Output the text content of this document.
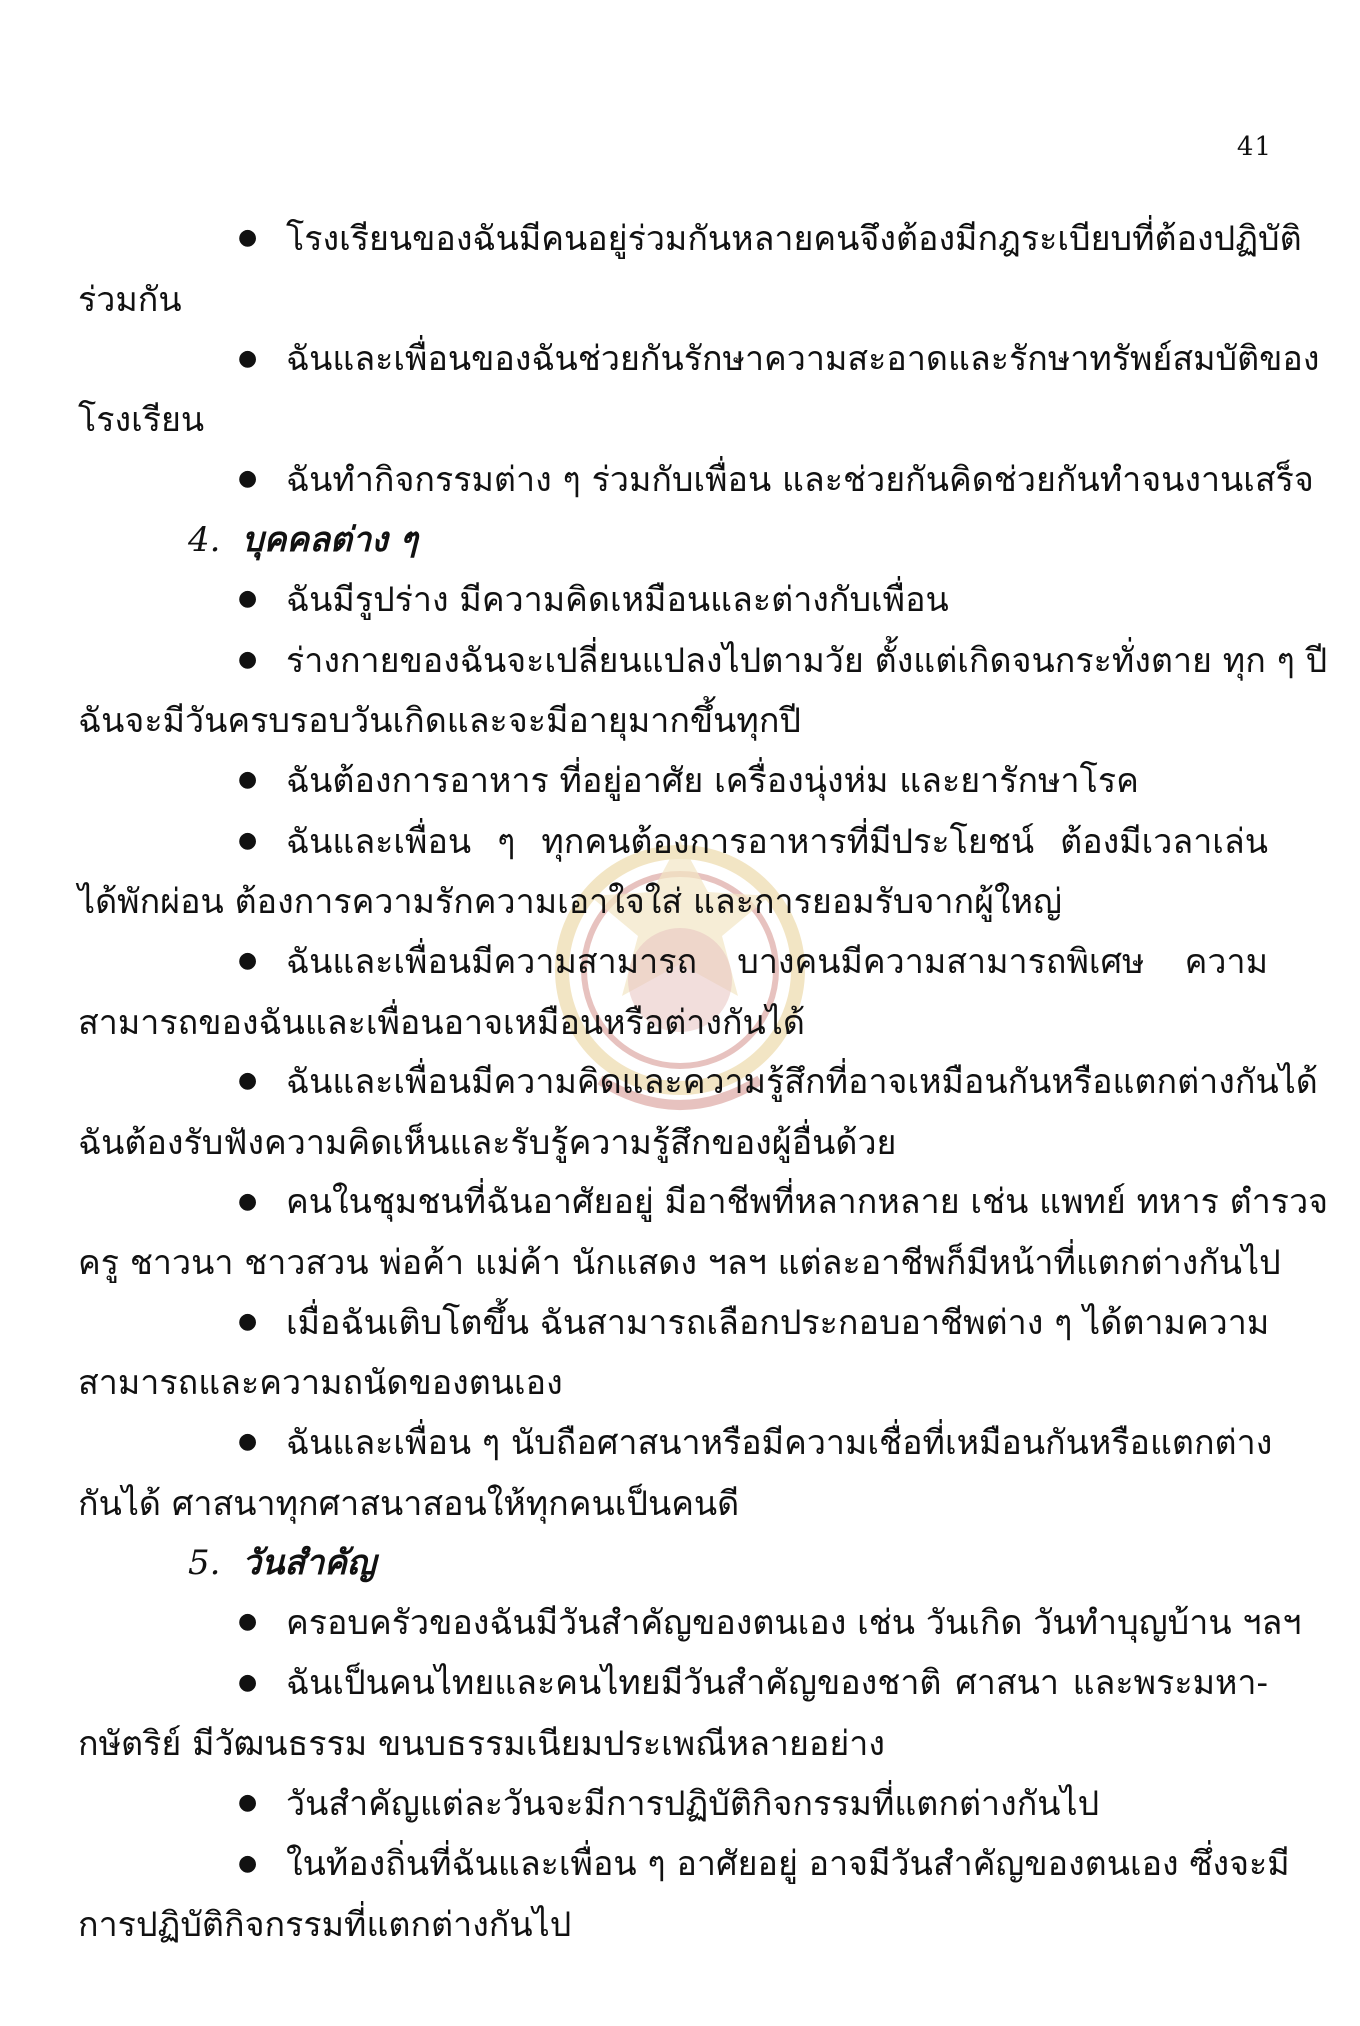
41
● โรงเรียนของฉันมีคนอยู่ร่วมกันหลายคนจึงต้องมีกฎระเบียบที่ต้องปฏิบัติ
ร่วมกัน
● ฉันและเพื่อนของฉันช่วยกันรักษาความสะอาดและรักษาทรัพย์สมบัติของ
โรงเรียน
● ฉันทำกิจกรรมต่าง ๆ ร่วมกับเพื่อน และช่วยกันคิดช่วยกันทำจนงานเสร็จ
4. บุคคลต่าง ๆ
● ฉันมีรูปร่าง มีความคิดเหมือนและต่างกับเพื่อน
● ร่างกายของฉันจะเปลี่ยนแปลงไปตามวัย ตั้งแต่เกิดจนกระทั่งตาย ทุก ๆ ปี
ฉันจะมีวันครบรอบวันเกิดและจะมีอายุมากขึ้นทุกปี
● ฉันต้องการอาหาร ที่อยู่อาศัย เครื่องนุ่งห่ม และยารักษาโรค
● ฉันและเพื่อน ๆ ทุกคนต้องการอาหารที่มีประโยชน์ ต้องมีเวลาเล่น
ได้พักผ่อน ต้องการความรักความเอาใจใส่ และการยอมรับจากผู้ใหญ่
● ฉันและเพื่อนมีความสามารถ บางคนมีความสามารถพิเศษ ความ
สามารถของฉันและเพื่อนอาจเหมือนหรือต่างกันได้
● ฉันและเพื่อนมีความคิดและความรู้สึกที่อาจเหมือนกันหรือแตกต่างกันได้
ฉันต้องรับฟังความคิดเห็นและรับรู้ความรู้สึกของผู้อื่นด้วย
● คนในชุมชนที่ฉันอาศัยอยู่ มีอาชีพที่หลากหลาย เช่น แพทย์ ทหาร ตำรวจ
ครู ชาวนา ชาวสวน พ่อค้า แม่ค้า นักแสดง ฯลฯ แต่ละอาชีพก็มีหน้าที่แตกต่างกันไป
● เมื่อฉันเติบโตขึ้น ฉันสามารถเลือกประกอบอาชีพต่าง ๆ ได้ตามความ
สามารถและความถนัดของตนเอง
● ฉันและเพื่อน ๆ นับถือศาสนาหรือมีความเชื่อที่เหมือนกันหรือแตกต่าง
กันได้ ศาสนาทุกศาสนาสอนให้ทุกคนเป็นคนดี
5. วันสำคัญ
● ครอบครัวของฉันมีวันสำคัญของตนเอง เช่น วันเกิด วันทำบุญบ้าน ฯลฯ
● ฉันเป็นคนไทยและคนไทยมีวันสำคัญของชาติ ศาสนา และพระมหา-
กษัตริย์ มีวัฒนธรรม ขนบธรรมเนียมประเพณีหลายอย่าง
● วันสำคัญแต่ละวันจะมีการปฏิบัติกิจกรรมที่แตกต่างกันไป
● ในท้องถิ่นที่ฉันและเพื่อน ๆ อาศัยอยู่ อาจมีวันสำคัญของตนเอง ซึ่งจะมี
การปฏิบัติกิจกรรมที่แตกต่างกันไป
